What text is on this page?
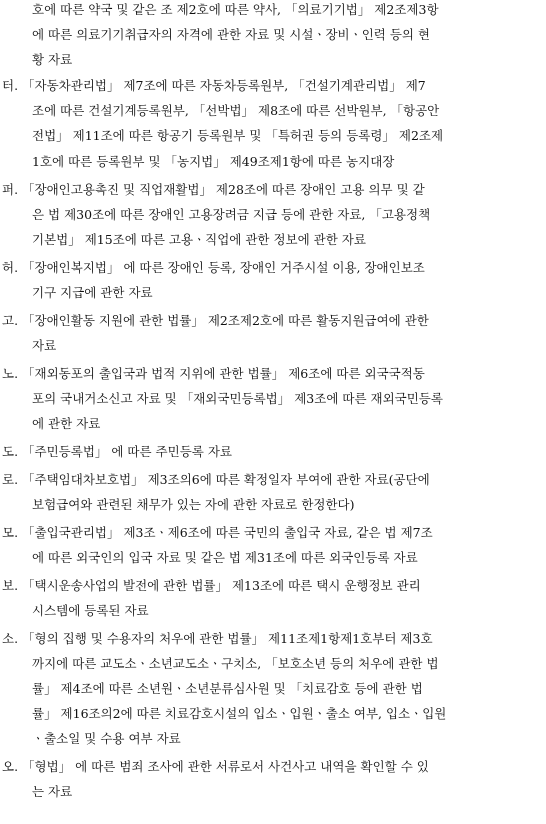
호에 따른 약국 및 같은 조 제2호에 따른 약사, 「의료기기법」 제2조제3항
에 따른 의료기기취급자의 자격에 관한 자료 및 시설ㆍ장비ㆍ인력 등의 현
황 자료
터. 「자동차관리법」 제7조에 따른 자동차등록원부, 「건설기계관리법」 제7
조에 따른 건설기계등록원부, 「선박법」 제8조에 따른 선박원부, 「항공안
전법」 제11조에 따른 항공기 등록원부 및 「특허권 등의 등록령」 제2조제
1호에 따른 등록원부 및 「농지법」 제49조제1항에 따른 농지대장
퍼. 「장애인고용촉진 및 직업재활법」 제28조에 따른 장애인 고용 의무 및 같
은 법 제30조에 따른 장애인 고용장려금 지급 등에 관한 자료, 「고용정책
기본법」 제15조에 따른 고용ㆍ직업에 관한 정보에 관한 자료
허. 「장애인복지법」 에 따른 장애인 등록, 장애인 거주시설 이용, 장애인보조
기구 지급에 관한 자료
고. 「장애인활동 지원에 관한 법률」 제2조제2호에 따른 활동지원급여에 관한
자료
노. 「재외동포의 출입국과 법적 지위에 관한 법률」 제6조에 따른 외국국적동
포의 국내거소신고 자료 및 「재외국민등록법」 제3조에 따른 재외국민등록
에 관한 자료
도. 「주민등록법」 에 따른 주민등록 자료
로. 「주택임대차보호법」 제3조의6에 따른 확정일자 부여에 관한 자료(공단에
보험급여와 관련된 채무가 있는 자에 관한 자료로 한정한다)
모. 「출입국관리법」 제3조ㆍ제6조에 따른 국민의 출입국 자료, 같은 법 제7조
에 따른 외국인의 입국 자료 및 같은 법 제31조에 따른 외국인등록 자료
보. 「택시운송사업의 발전에 관한 법률」 제13조에 따른 택시 운행정보 관리
시스템에 등록된 자료
소. 「형의 집행 및 수용자의 처우에 관한 법률」 제11조제1항제1호부터 제3호
까지에 따른 교도소ㆍ소년교도소ㆍ구치소, 「보호소년 등의 처우에 관한 법
률」 제4조에 따른 소년원ㆍ소년분류심사원 및 「치료감호 등에 관한 법
률」 제16조의2에 따른 치료감호시설의 입소ㆍ입원ㆍ출소 여부, 입소ㆍ입원
ㆍ출소일 및 수용 여부 자료
오. 「형법」 에 따른 범죄 조사에 관한 서류로서 사건사고 내역을 확인할 수 있
는 자료
